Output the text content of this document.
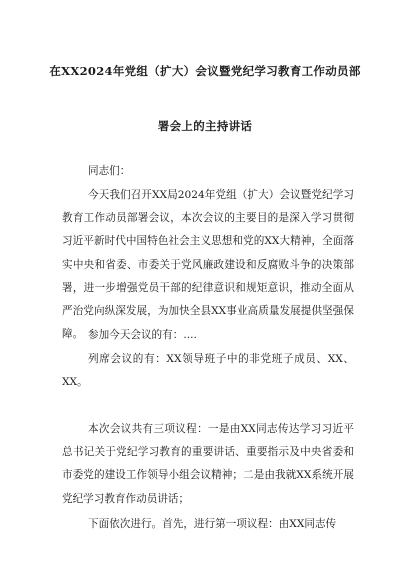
在XX2024年党组（扩大）会议暨党纪学习教育工作动员部
署会上的主持讲话
同志们：

今天我们召开XX局2024年党组（扩大）会议暨党纪学习教育工作动员部署会议，本次会议的主要目的是深入学习贯彻习近平新时代中国特色社会主义思想和党的XX大精神，全面落实中央和省委、市委关于党风廉政建设和反腐败斗争的决策部署，进一步增强党员干部的纪律意识和规矩意识，推动全面从严治党向纵深发展，为加快全县XX事业高质量发展提供坚强保障。 参加今天会议的有：....

列席会议的有：XX领导班子中的非党班子成员、XX、XX。

本次会议共有三项议程：一是由XX同志传达学习习近平总书记关于党纪学习教育的重要讲话、重要指示及中央省委和市委党的建设工作领导小组会议精神；二是由我就XX系统开展党纪学习教育作动员讲话；

下面依次进行。首先，进行第一项议程：由XX同志传
